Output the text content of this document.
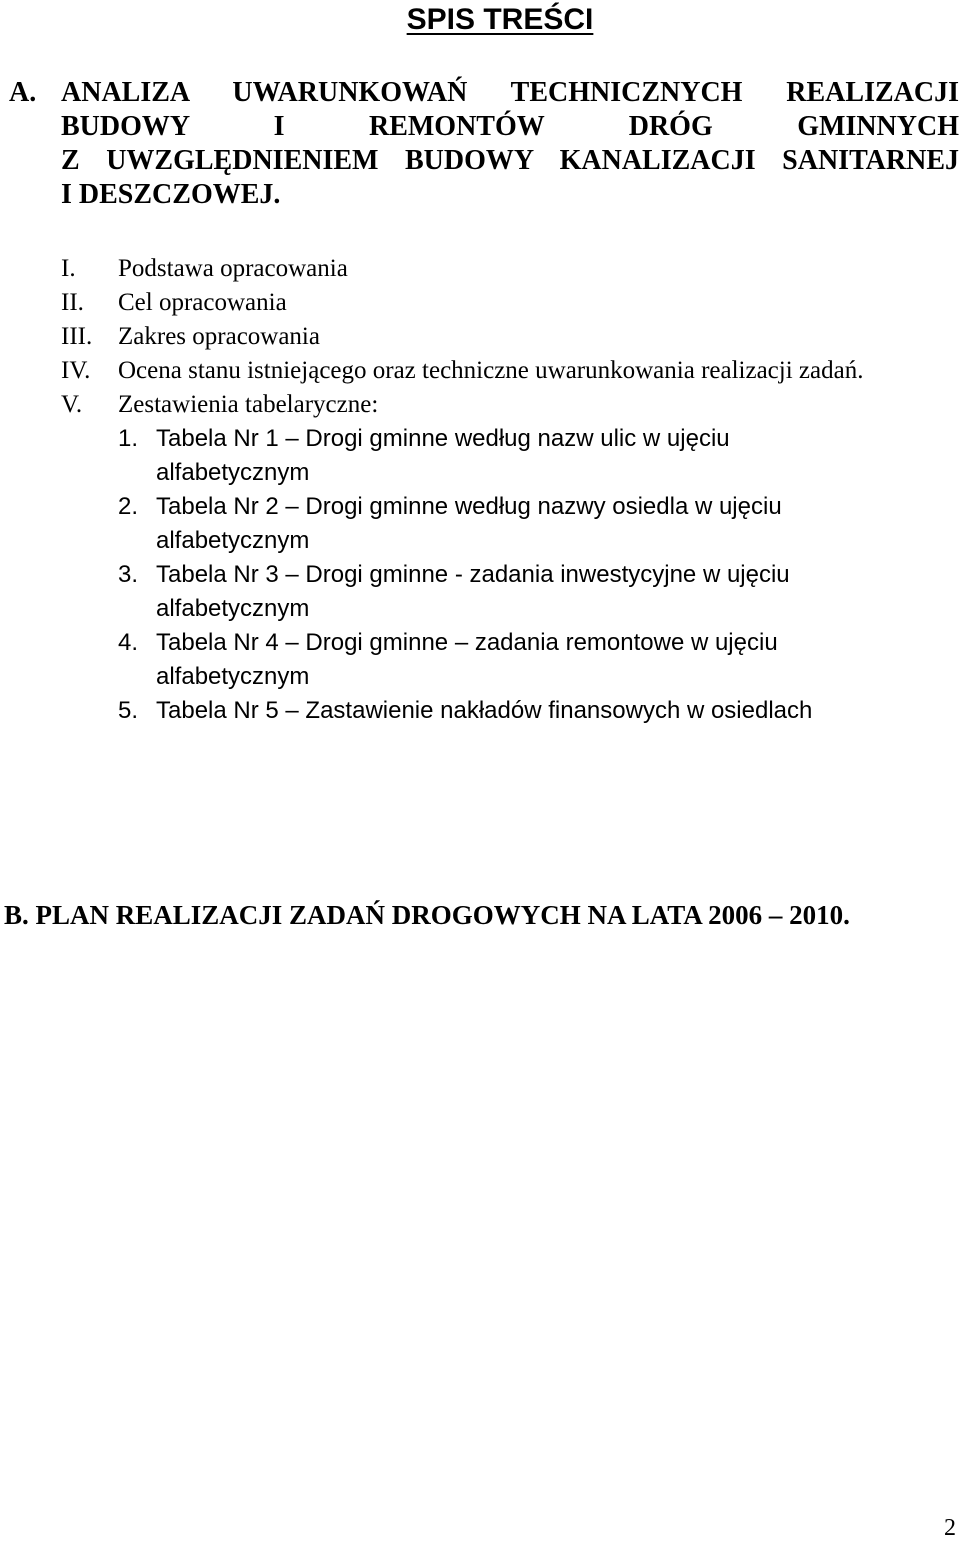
SPIS TREŚCI
A. ANALIZA UWARUNKOWAŃ TECHNICZNYCH REALIZACJI
BUDOWY I REMONTÓW DRÓG GMINNYCH
Z UWZGLĘDNIENIEM BUDOWY KANALIZACJI SANITARNEJ
I DESZCZOWEJ.
I. Podstawa opracowania
II. Cel opracowania
III. Zakres opracowania
IV. Ocena stanu istniejącego oraz techniczne uwarunkowania realizacji zadań.
V. Zestawienia tabelaryczne:
1. Tabela Nr 1 – Drogi gminne według nazw ulic w ujęciu
alfabetycznym
2. Tabela Nr 2 – Drogi gminne według nazwy osiedla w ujęciu
alfabetycznym
3. Tabela Nr 3 – Drogi gminne - zadania inwestycyjne w ujęciu
alfabetycznym
4. Tabela Nr 4 – Drogi gminne – zadania remontowe w ujęciu
alfabetycznym
5. Tabela Nr 5 – Zastawienie nakładów finansowych w osiedlach
B. PLAN REALIZACJI ZADAŃ DROGOWYCH NA LATA 2006 – 2010.
2
